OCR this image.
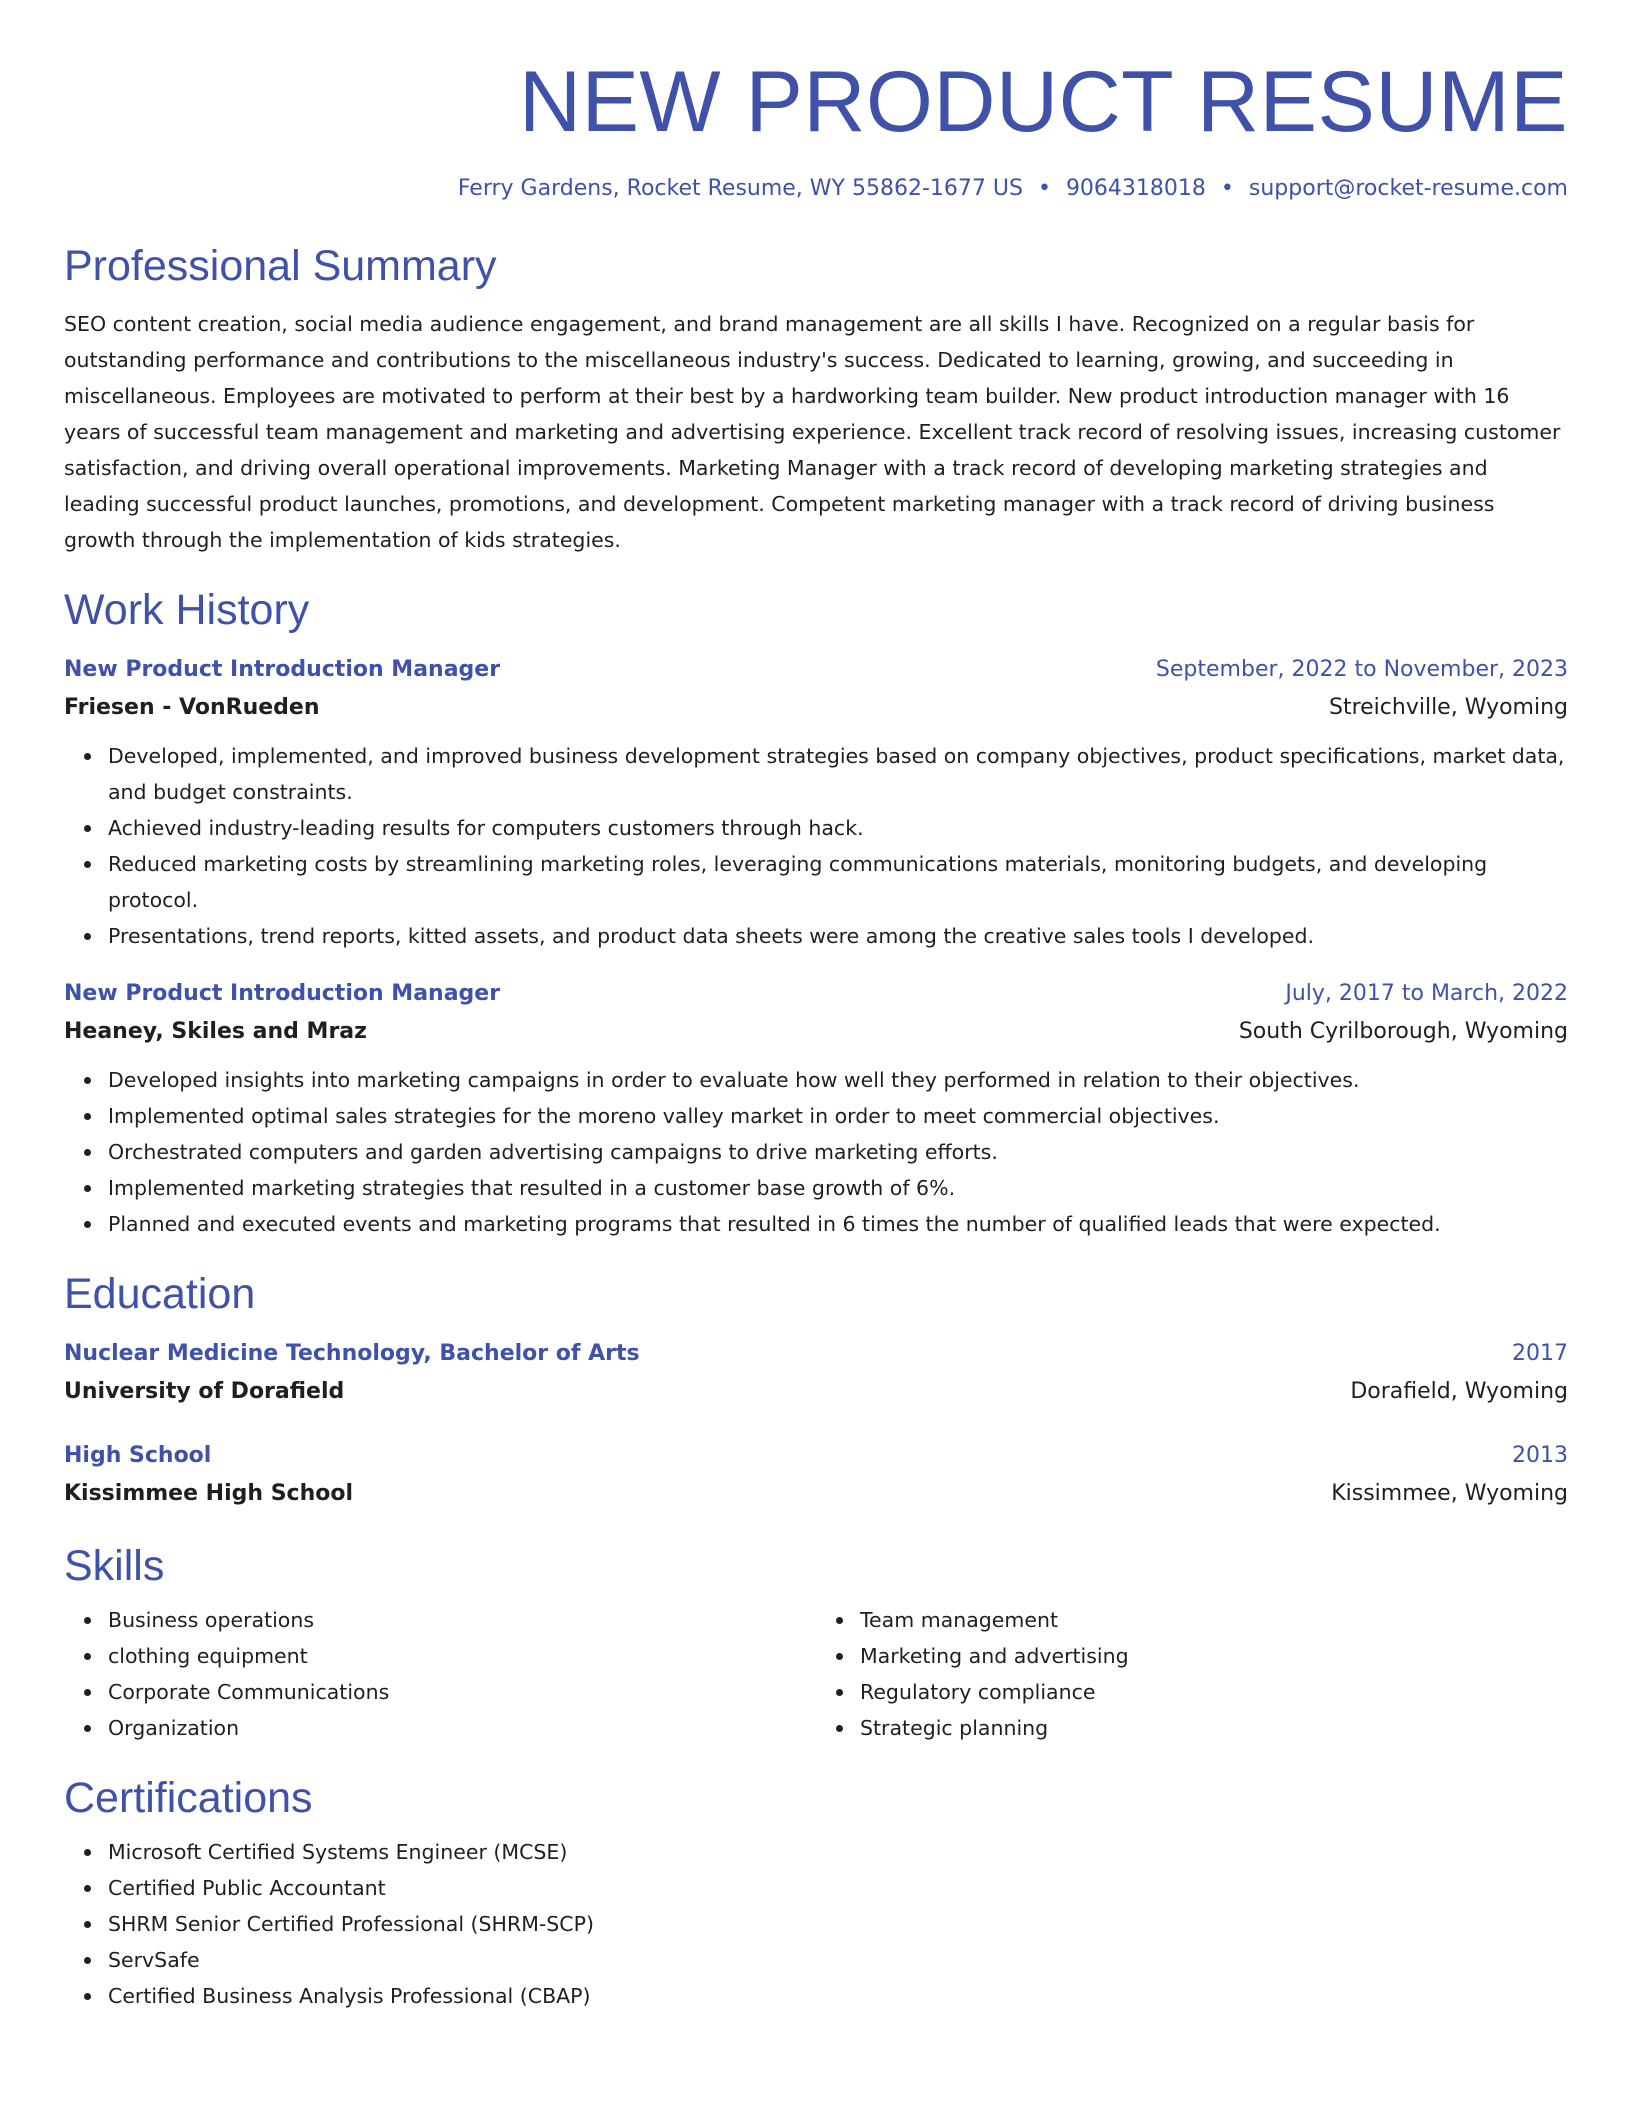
NEW PRODUCT RESUME
Ferry Gardens, Rocket Resume, WY 55862-1677 US • 9064318018 • support@rocket-resume.com
Professional Summary

SEO content creation, social media audience engagement, and brand management are all skills I have. Recognized on a regular basis for outstanding performance and contributions to the miscellaneous industry's success. Dedicated to learning, growing, and succeeding in miscellaneous. Employees are motivated to perform at their best by a hardworking team builder. New product introduction manager with 16 years of successful team management and marketing and advertising experience. Excellent track record of resolving issues, increasing customer satisfaction, and driving overall operational improvements. Marketing Manager with a track record of developing marketing strategies and leading successful product launches, promotions, and development. Competent marketing manager with a track record of driving business growth through the implementation of kids strategies.

Work History
New Product Introduction Manager	September, 2022 to November, 2023
Friesen - VonRueden	Streichville, Wyoming
Developed, implemented, and improved business development strategies based on company objectives, product specifications, market data, and budget constraints.
Achieved industry-leading results for computers customers through hack.
Reduced marketing costs by streamlining marketing roles, leveraging communications materials, monitoring budgets, and developing protocol.
Presentations, trend reports, kitted assets, and product data sheets were among the creative sales tools I developed.
New Product Introduction Manager	July, 2017 to March, 2022
Heaney, Skiles and Mraz	South Cyrilborough, Wyoming
Developed insights into marketing campaigns in order to evaluate how well they performed in relation to their objectives.
Implemented optimal sales strategies for the moreno valley market in order to meet commercial objectives.
Orchestrated computers and garden advertising campaigns to drive marketing efforts.
Implemented marketing strategies that resulted in a customer base growth of 6%.
Planned and executed events and marketing programs that resulted in 6 times the number of qualified leads that were expected.
Education
Nuclear Medicine Technology, Bachelor of Arts	2017
University of Dorafield	Dorafield, Wyoming
High School	2013
Kissimmee High School	Kissimmee, Wyoming
Skills
Business operations
clothing equipment
Corporate Communications
Organization
Team management
Marketing and advertising
Regulatory compliance
Strategic planning
Certifications
Microsoft Certified Systems Engineer (MCSE)
Certified Public Accountant
SHRM Senior Certified Professional (SHRM-SCP)
ServSafe
Certified Business Analysis Professional (CBAP)
